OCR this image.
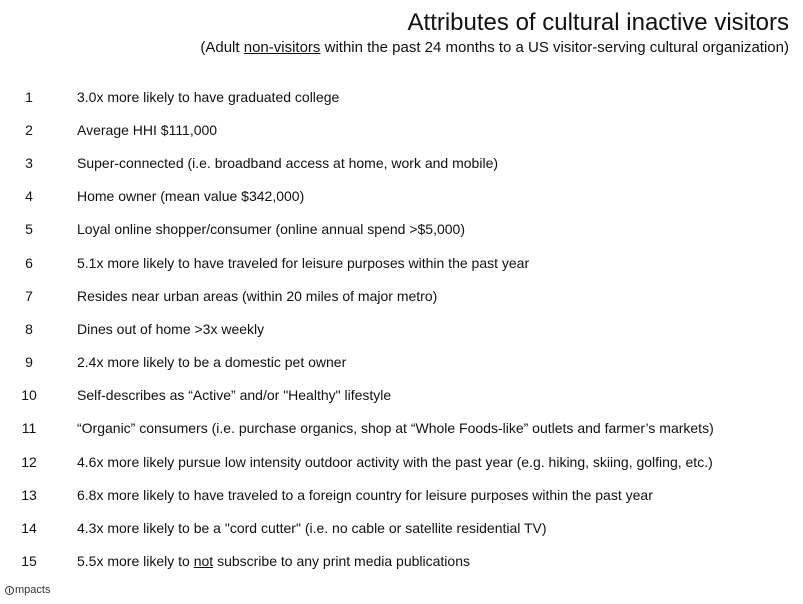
Attributes of cultural inactive visitors
(Adult non-visitors within the past 24 months to a US visitor-serving cultural organization)
1	3.0x more likely to have graduated college
2	Average HHI $111,000
3	Super-connected (i.e. broadband access at home, work and mobile)
4	Home owner (mean value $342,000)
5	Loyal online shopper/consumer (online annual spend >$5,000)
6	5.1x more likely to have traveled for leisure purposes within the past year
7	Resides near urban areas (within 20 miles of major metro)
8	Dines out of home >3x weekly
9	2.4x more likely to be a domestic pet owner
10	Self-describes as “Active” and/or "Healthy" lifestyle
11	“Organic” consumers (i.e. purchase organics, shop at “Whole Foods-like” outlets and farmer’s markets)
12	4.6x more likely pursue low intensity outdoor activity with the past year (e.g. hiking, skiing, golfing, etc.)
13	6.8x more likely to have traveled to a foreign country for leisure purposes within the past year
14	4.3x more likely to be a "cord cutter" (i.e. no cable or satellite residential TV)
15	5.5x more likely to not subscribe to any print media publications
mpacts
